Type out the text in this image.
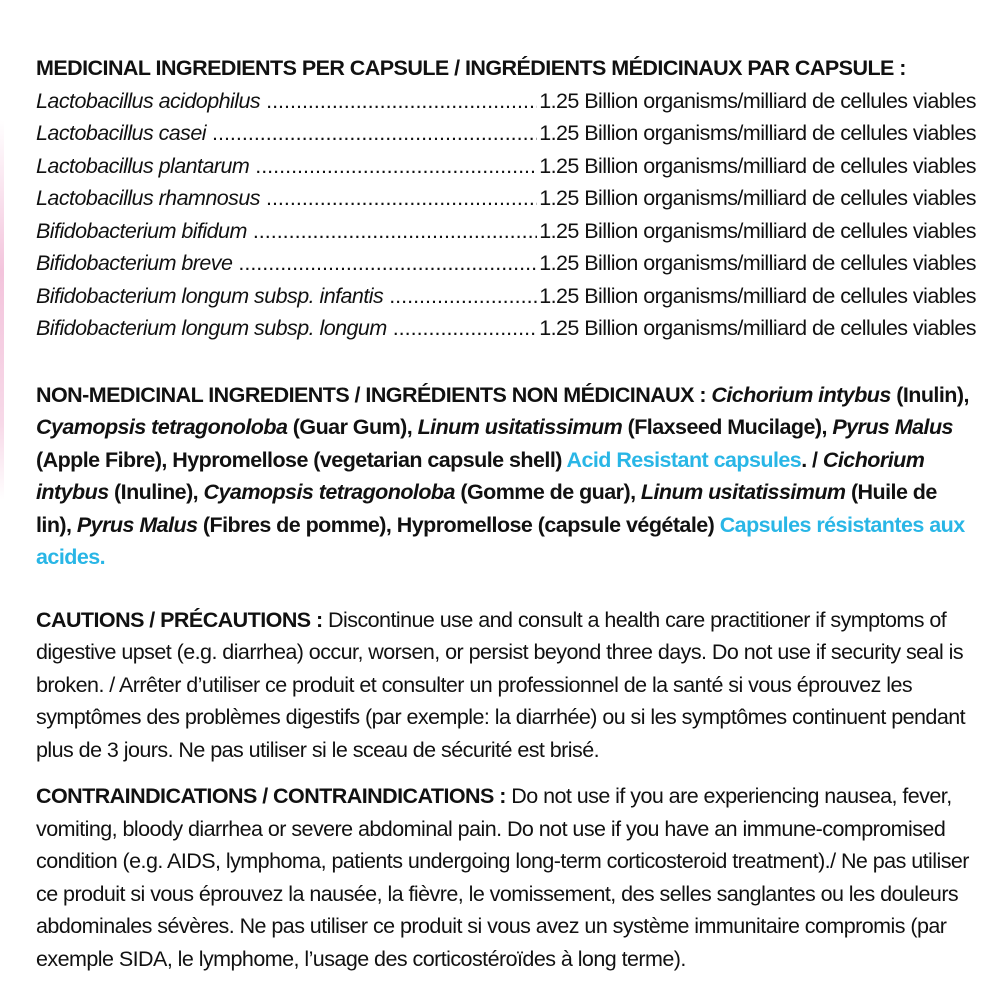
MEDICINAL INGREDIENTS PER CAPSULE / INGRÉDIENTS MÉDICINAUX PAR CAPSULE :
Lactobacillus acidophilus .....	1.25 Billion organisms/milliard de cellules viables
Lactobacillus casei .....	1.25 Billion organisms/milliard de cellules viables
Lactobacillus plantarum .....	1.25 Billion organisms/milliard de cellules viables
Lactobacillus rhamnosus .....	1.25 Billion organisms/milliard de cellules viables
Bifidobacterium bifidum .....	1.25 Billion organisms/milliard de cellules viables
Bifidobacterium breve .....	1.25 Billion organisms/milliard de cellules viables
Bifidobacterium longum subsp. infantis .....	1.25 Billion organisms/milliard de cellules viables
Bifidobacterium longum subsp. longum .....	1.25 Billion organisms/milliard de cellules viables

NON-MEDICINAL INGREDIENTS / INGRÉDIENTS NON MÉDICINAUX : Cichorium intybus (Inulin), Cyamopsis tetragonoloba (Guar Gum), Linum usitatissimum (Flaxseed Mucilage), Pyrus Malus (Apple Fibre), Hypromellose (vegetarian capsule shell) Acid Resistant capsules. / Cichorium intybus (Inuline), Cyamopsis tetragonoloba (Gomme de guar), Linum usitatissimum (Huile de lin), Pyrus Malus (Fibres de pomme), Hypromellose (capsule végétale) Capsules résistantes aux acides.

CAUTIONS / PRÉCAUTIONS : Discontinue use and consult a health care practitioner if symptoms of digestive upset (e.g. diarrhea) occur, worsen, or persist beyond three days. Do not use if security seal is broken. / Arrêter d’utiliser ce produit et consulter un professionnel de la santé si vous éprouvez les symptômes des problèmes digestifs (par exemple: la diarrhée) ou si les symptômes continuent pendant plus de 3 jours. Ne pas utiliser si le sceau de sécurité est brisé.

CONTRAINDICATIONS / CONTRAINDICATIONS : Do not use if you are experiencing nausea, fever, vomiting, bloody diarrhea or severe abdominal pain. Do not use if you have an immune-compromised condition (e.g. AIDS, lymphoma, patients undergoing long-term corticosteroid treatment)./ Ne pas utiliser ce produit si vous éprouvez la nausée, la fièvre, le vomissement, des selles sanglantes ou les douleurs abdominales sévères. Ne pas utiliser ce produit si vous avez un système immunitaire compromis (par exemple SIDA, le lymphome, l’usage des corticostéroïdes à long terme).
